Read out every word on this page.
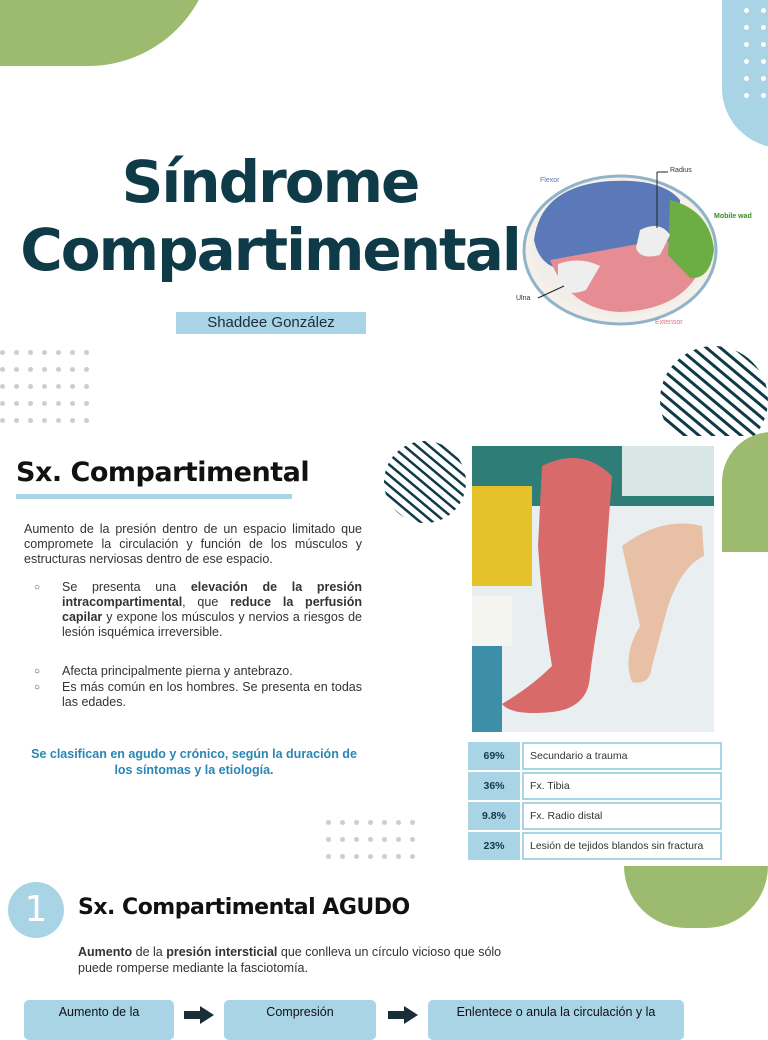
Síndrome
Compartimental
Shaddee González
Flexor
Radius
Mobile wad
Ulna
Extensor
Sx. Compartimental
Aumento de la presión dentro de un espacio limitado que compromete la circulación y función de los músculos y estructuras nerviosas dentro de ese espacio.
○ Se presenta una elevación de la presión intracompartimental, que reduce la perfusión capilar y expone los músculos y nervios a riesgos de lesión isquémica irreversible.
○ Afecta principalmente pierna y antebrazo.
○ Es más común en los hombres. Se presenta en todas las edades.
Se clasifican en agudo y crónico, según la duración de los síntomas y la etiología.
69%	Secundario a trauma
36%	Fx. Tibia
9.8%	Fx. Radio distal
23%	Lesión de tejidos blandos sin fractura
1	Sx. Compartimental AGUDO
Aumento de la presión intersticial que conlleva un círculo vicioso que sólo puede romperse mediante la fasciotomía.
Aumento de la	Compresión	Enlentece o anula la circulación y la
